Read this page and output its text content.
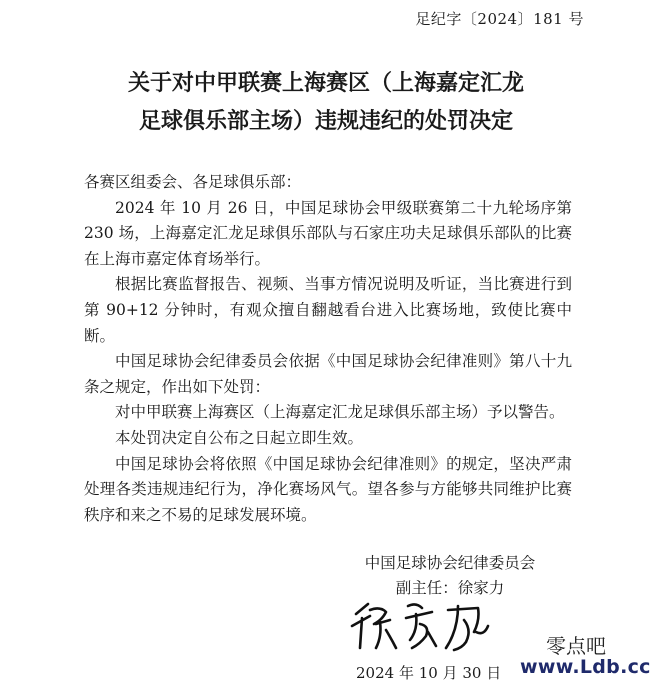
足纪字〔2024〕181 号
关于对中甲联赛上海赛区（上海嘉定汇龙
足球俱乐部主场）违规违纪的处罚决定

各赛区组委会、各足球俱乐部：

2024 年 10 月 26 日，中国足球协会甲级联赛第二十九轮场序第 230 场，上海嘉定汇龙足球俱乐部队与石家庄功夫足球俱乐部队的比赛在上海市嘉定体育场举行。

根据比赛监督报告、视频、当事方情况说明及听证，当比赛进行到第 90+12 分钟时，有观众擅自翻越看台进入比赛场地，致使比赛中断。

中国足球协会纪律委员会依据《中国足球协会纪律准则》第八十九条之规定，作出如下处罚：

对中甲联赛上海赛区（上海嘉定汇龙足球俱乐部主场）予以警告。

本处罚决定自公布之日起立即生效。

中国足球协会将依照《中国足球协会纪律准则》的规定，坚决严肃处理各类违规违纪行为，净化赛场风气。望各参与方能够共同维护比赛秩序和来之不易的足球发展环境。

中国足球协会纪律委员会
副主任：徐家力
2024 年 10 月 30 日
零点吧
www.Ldb.cc
